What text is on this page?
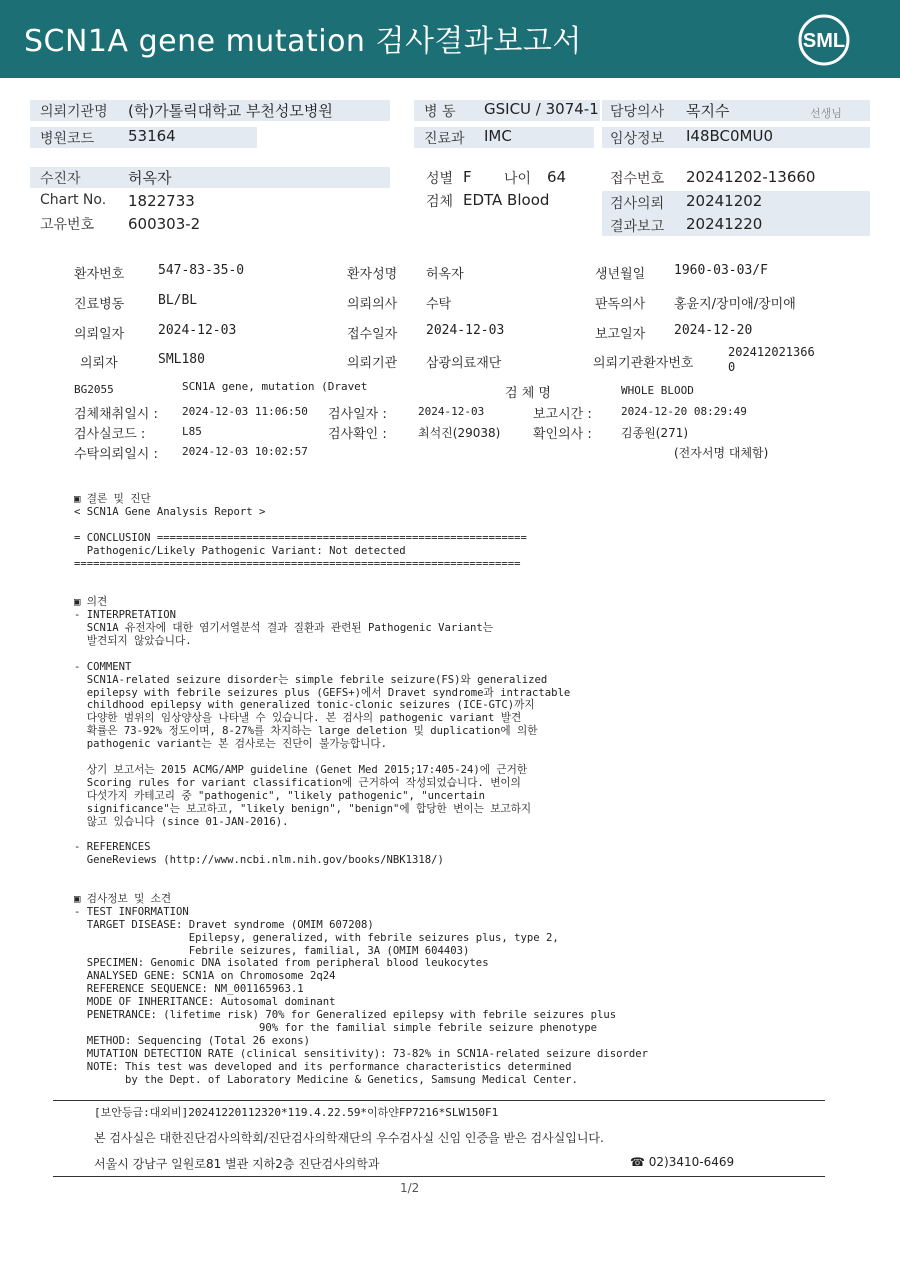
SCN1A gene mutation 검사결과보고서	SML
의뢰기관명 (학)가톨릭대학교 부천성모병원
병원코드 53164
병 동 GSICU / 3074-1
진료과 IMC
담당의사 목지수	선생님
임상정보 I48BC0MU0
수진자	허옥자
Chart No. 1822733
고유번호 600303-2
성별 F 나이 64
검체 EDTA Blood
접수번호 20241202-13660
검사의뢰 20241202
결과보고 20241220
환자번호	547-83-35-0	환자성명 허옥자	생년월일 1960-03-03/F
진료병동	BL/BL	의뢰의사 수탁	판독의사 홍윤지/장미애/장미애
의뢰일자	2024-12-03	접수일자 2024-12-03	보고일자 2024-12-20
의뢰자	SML180	의뢰기관 삼광의료재단	의뢰기관환자번호
202412021366
0
BG2055	SCN1A gene, mutation (Dravet	검 체 명	WHOLE BLOOD
검체채취일시 : 2024-12-03 11:06:50 검사일자 :	2024-12-03	보고시간 :	2024-12-20 08:29:49
검사실코드 :	L85	검사확인 :	최석진(29038)	확인의사 : 김종원(271)
수탁의뢰일시 : 2024-12-03 10:02:57	(전자서명 대체함)
▣ 결론 및 진단
< SCN1A Gene Analysis Report >
= CONCLUSION ==========================================================
Pathogenic/Likely Pathogenic Variant: Not detected
======================================================================
▣ 의견
- INTERPRETATION
SCN1A 유전자에 대한 염기서열분석 결과 질환과 관련된 Pathogenic Variant는
발견되지 않았습니다.
- COMMENT
SCN1A-related seizure disorder는 simple febrile seizure(FS)와 generalized
epilepsy with febrile seizures plus (GEFS+)에서 Dravet syndrome과 intractable
childhood epilepsy with generalized tonic-clonic seizures (ICE-GTC)까지
다양한 범위의 임상양상을 나타낼 수 있습니다. 본 검사의 pathogenic variant 발견
확률은 73-92% 정도이며, 8-27%를 차지하는 large deletion 및 duplication에 의한
pathogenic variant는 본 검사로는 진단이 불가능합니다.
상기 보고서는 2015 ACMG/AMP guideline (Genet Med 2015;17:405-24)에 근거한
Scoring rules for variant classification에 근거하여 작성되었습니다. 변이의
다섯가지 카테고리 중 "pathogenic", "likely pathogenic", "uncertain
significance"는 보고하고, "likely benign", "benign"에 합당한 변이는 보고하지
않고 있습니다 (since 01-JAN-2016).
- REFERENCES
GeneReviews (http://www.ncbi.nlm.nih.gov/books/NBK1318/)
▣ 검사정보 및 소견
- TEST INFORMATION
TARGET DISEASE: Dravet syndrome (OMIM 607208)
Epilepsy, generalized, with febrile seizures plus, type 2,
Febrile seizures, familial, 3A (OMIM 604403)
SPECIMEN: Genomic DNA isolated from peripheral blood leukocytes
ANALYSED GENE: SCN1A on Chromosome 2q24
REFERENCE SEQUENCE: NM_001165963.1
MODE OF INHERITANCE: Autosomal dominant
PENETRANCE: (lifetime risk) 70% for Generalized epilepsy with febrile seizures plus
90% for the familial simple febrile seizure phenotype
METHOD: Sequencing (Total 26 exons)
MUTATION DETECTION RATE (clinical sensitivity): 73-82% in SCN1A-related seizure disorder
NOTE: This test was developed and its performance characteristics determined
by the Dept. of Laboratory Medicine & Genetics, Samsung Medical Center.
[보안등급:대외비]20241220112320*119.4.22.59*이하얀FP7216*SLW150F1
본 검사실은 대한진단검사의학회/진단검사의학재단의 우수검사실 신임 인증을 받은 검사실입니다.
서울시 강남구 일원로81 별관 지하2층 진단검사의학과	☎ 02)3410-6469
1/2
